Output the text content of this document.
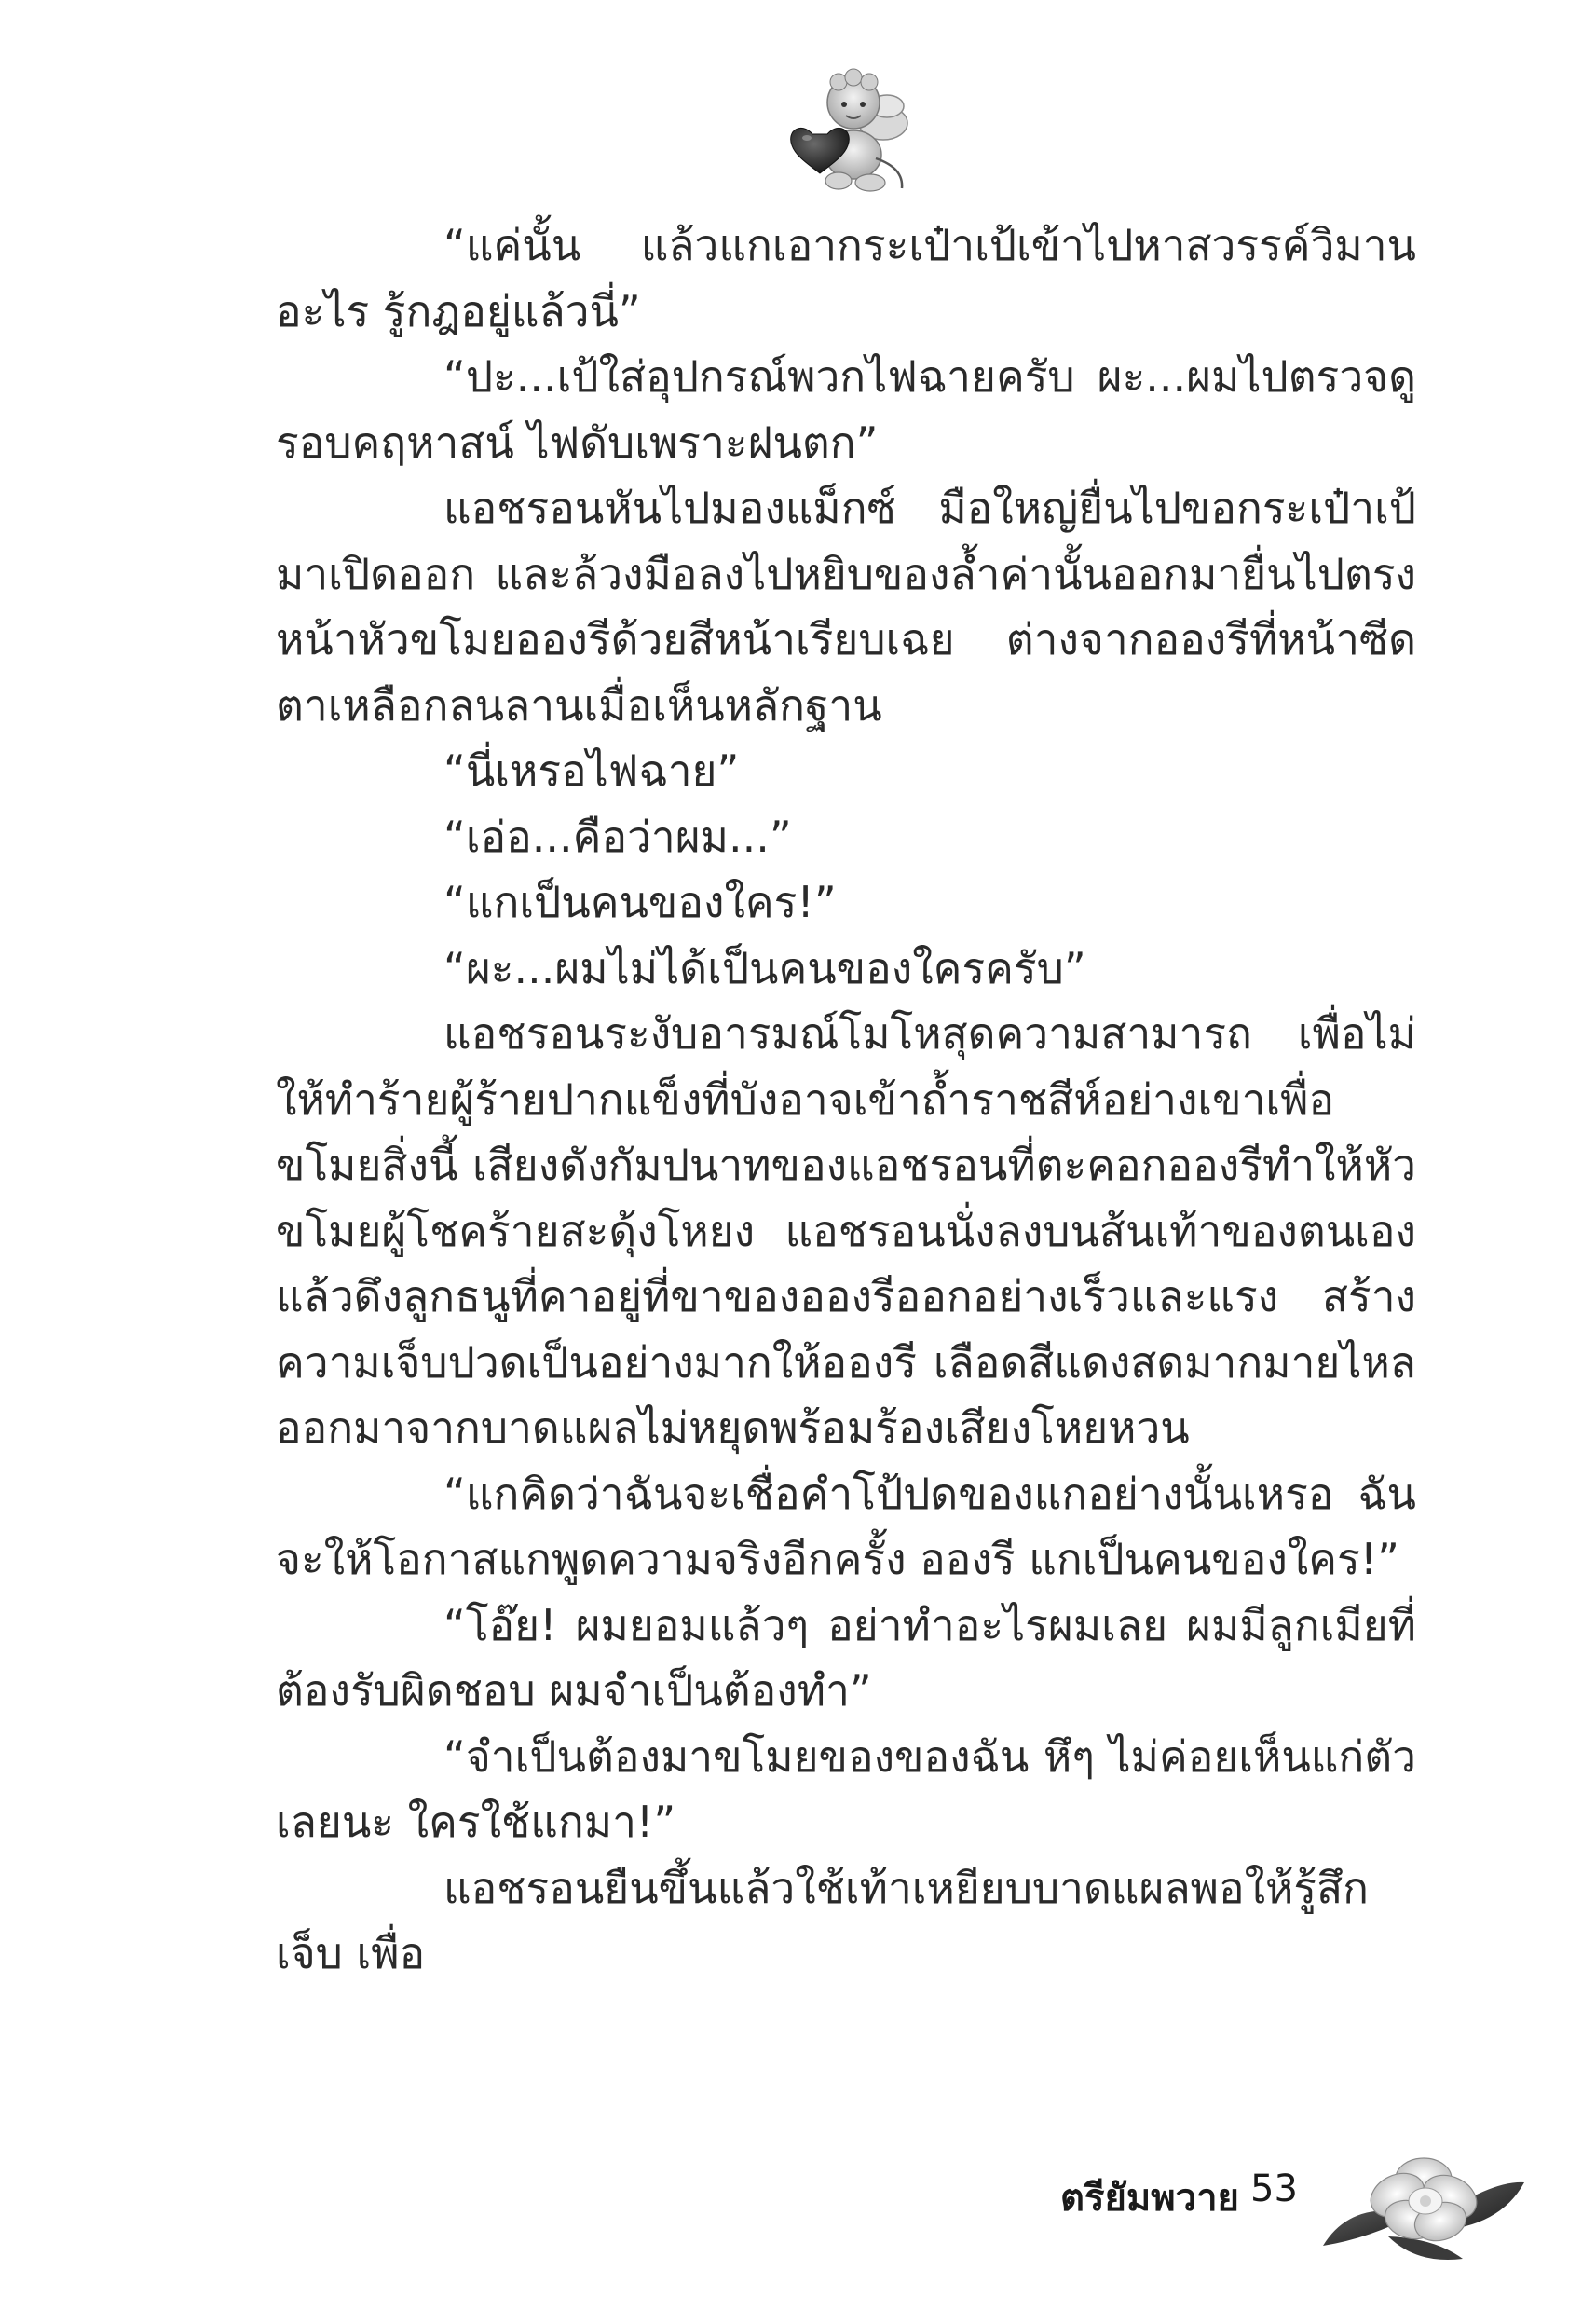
“แค่นั้น แล้วแกเอากระเป๋าเป้เข้าไปหาสวรรค์วิมานอะไร รู้กฎอยู่แล้วนี่”

“ปะ...เป้ใส่อุปกรณ์พวกไฟฉายครับ ผะ...ผมไปตรวจดูรอบคฤหาสน์ ไฟดับเพราะฝนตก”

แอชรอนหันไปมองแม็กซ์ มือใหญ่ยื่นไปขอกระเป๋าเป้มาเปิดออก และล้วงมือลงไปหยิบของล้ำค่านั้นออกมายื่นไปตรงหน้าหัวขโมยอองรีด้วยสีหน้าเรียบเฉย ต่างจากอองรีที่หน้าซีดตาเหลือกลนลานเมื่อเห็นหลักฐาน

“นี่เหรอไฟฉาย”

“เอ่อ...คือว่าผม...”

“แกเป็นคนของใคร!”

“ผะ...ผมไม่ได้เป็นคนของใครครับ”

แอชรอนระงับอารมณ์โมโหสุดความสามารถ เพื่อไม่ให้ทำร้ายผู้ร้ายปากแข็งที่บังอาจเข้าถ้ำราชสีห์อย่างเขาเพื่อขโมยสิ่งนี้ เสียงดังกัมปนาทของแอชรอนที่ตะคอกอองรีทำให้หัวขโมยผู้โชคร้ายสะดุ้งโหยง แอชรอนนั่งลงบนส้นเท้าของตนเอง แล้วดึงลูกธนูที่คาอยู่ที่ขาของอองรีออกอย่างเร็วและแรง สร้างความเจ็บปวดเป็นอย่างมากให้อองรี เลือดสีแดงสดมากมายไหลออกมาจากบาดแผลไม่หยุดพร้อมร้องเสียงโหยหวน

“แกคิดว่าฉันจะเชื่อคำโป้ปดของแกอย่างนั้นเหรอ ฉันจะให้โอกาสแกพูดความจริงอีกครั้ง อองรี แกเป็นคนของใคร!”

“โอ๊ย! ผมยอมแล้วๆ อย่าทำอะไรผมเลย ผมมีลูกเมียที่ต้องรับผิดชอบ ผมจำเป็นต้องทำ”

“จำเป็นต้องมาขโมยของของฉัน หึๆ ไม่ค่อยเห็นแก่ตัวเลยนะ ใครใช้แกมา!”

แอชรอนยืนขึ้นแล้วใช้เท้าเหยียบบาดแผลพอให้รู้สึกเจ็บ เพื่อ

ตรียัมพวาย 53
